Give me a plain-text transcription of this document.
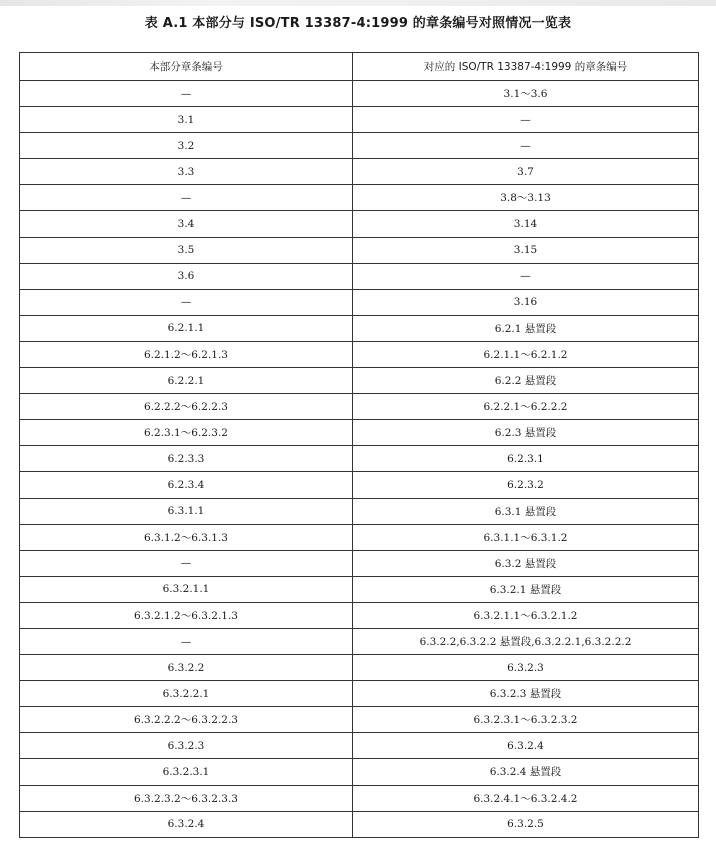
表 A.1 本部分与 ISO/TR 13387-4:1999 的章条编号对照情况一览表
本部分章条编号	对应的 ISO/TR 13387-4:1999 的章条编号
—	3.1～3.6
3.1	—
3.2	—
3.3	3.7
—	3.8～3.13
3.4	3.14
3.5	3.15
3.6	—
—	3.16
6.2.1.1	6.2.1 悬置段
6.2.1.2～6.2.1.3	6.2.1.1～6.2.1.2
6.2.2.1	6.2.2 悬置段
6.2.2.2～6.2.2.3	6.2.2.1～6.2.2.2
6.2.3.1～6.2.3.2	6.2.3 悬置段
6.2.3.3	6.2.3.1
6.2.3.4	6.2.3.2
6.3.1.1	6.3.1 悬置段
6.3.1.2～6.3.1.3	6.3.1.1～6.3.1.2
—	6.3.2 悬置段
6.3.2.1.1	6.3.2.1 悬置段
6.3.2.1.2～6.3.2.1.3	6.3.2.1.1～6.3.2.1.2
—	6.3.2.2,6.3.2.2 悬置段,6.3.2.2.1,6.3.2.2.2
6.3.2.2	6.3.2.3
6.3.2.2.1	6.3.2.3 悬置段
6.3.2.2.2～6.3.2.2.3	6.3.2.3.1～6.3.2.3.2
6.3.2.3	6.3.2.4
6.3.2.3.1	6.3.2.4 悬置段
6.3.2.3.2～6.3.2.3.3	6.3.2.4.1～6.3.2.4.2
6.3.2.4	6.3.2.5
